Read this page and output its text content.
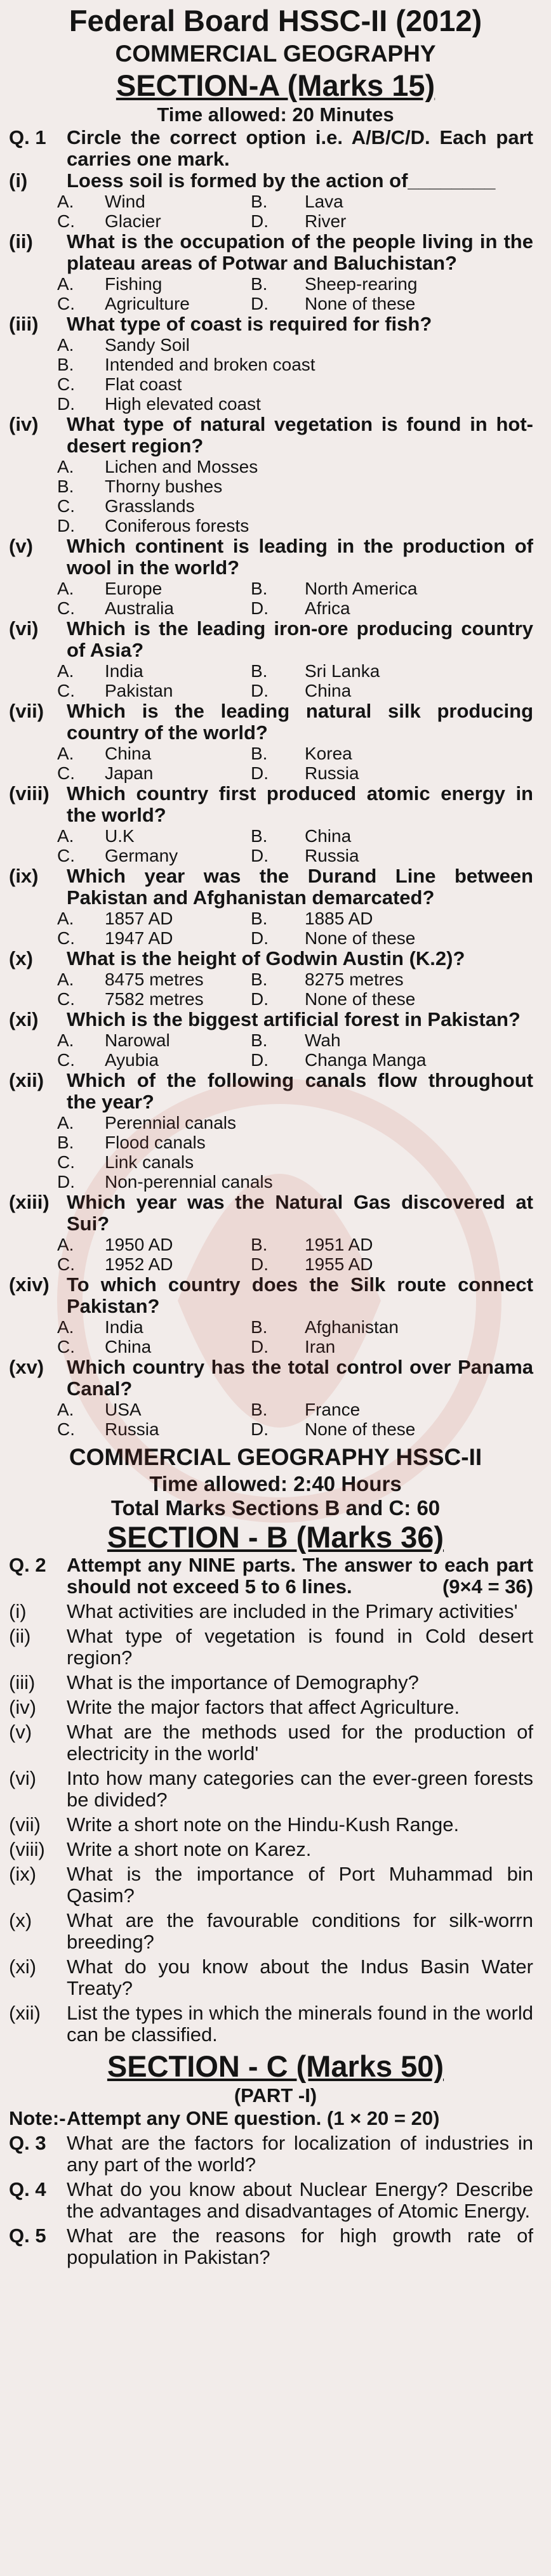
Federal Board HSSC-II (2012)
COMMERCIAL GEOGRAPHY
SECTION-A (Marks 15)
Time allowed: 20 Minutes
Q. 1	Circle the correct option i.e. A/B/C/D. Each part carries one mark.
(i)	Loess soil is formed by the action of________
A.	Wind	B.	Lava
C.	Glacier	D.	River
(ii)	What is the occupation of the people living in the plateau areas of Potwar and Baluchistan?
A.	Fishing	B.	Sheep-rearing
C.	Agriculture	D.	None of these
(iii)	What type of coast is required for fish?
A.	Sandy Soil
B.	Intended and broken coast
C.	Flat coast
D.	High elevated coast
(iv)	What type of natural vegetation is found in hot-desert region?
A.	Lichen and Mosses
B.	Thorny bushes
C.	Grasslands
D.	Coniferous forests
(v)	Which continent is leading in the production of wool in the world?
A.	Europe	B.	North America
C.	Australia	D.	Africa
(vi)	Which is the leading iron-ore producing country of Asia?
A.	India	B.	Sri Lanka
C.	Pakistan	D.	China
(vii)	Which is the leading natural silk producing country of the world?
A.	China	B.	Korea
C.	Japan	D.	Russia
(viii) Which country first produced atomic energy in the world?
A.	U.K	B.	China
C.	Germany	D.	Russia
(ix)	Which year was the Durand Line between Pakistan and Afghanistan demarcated?
A.	1857 AD	B.	1885 AD
C.	1947 AD	D.	None of these
(x)	What is the height of Godwin Austin (K.2)?
A.	8475 metres	B.	8275 metres
C.	7582 metres	D.	None of these
(xi)	Which is the biggest artificial forest in Pakistan?
A.	Narowal	B.	Wah
C.	Ayubia	D.	Changa Manga
(xii)	Which of the following canals flow throughout the year?
A.	Perennial canals
B.	Flood canals
C.	Link canals
D.	Non-perennial canals
(xiii) Which year was the Natural Gas discovered at Sui?
A.	1950 AD	B.	1951 AD
C.	1952 AD	D.	1955 AD
(xiv) To which country does the Silk route connect Pakistan?
A.	India	B.	Afghanistan
C.	China	D.	Iran
(xv)	Which country has the total control over Panama Canal?
A.	USA	B.	France
C.	Russia	D.	None of these
COMMERCIAL GEOGRAPHY HSSC-II
Time allowed: 2:40 Hours
Total Marks Sections B and C: 60
SECTION - B (Marks 36)
Q. 2	Attempt any NINE parts. The answer to each part should not exceed 5 to 6 lines.	(9×4 = 36)
(i)	What activities are included in the Primary activities'
(ii)	What type of vegetation is found in Cold desert region?
(iii)	What is the importance of Demography?
(iv)	Write the major factors that affect Agriculture.
(v)	What are the methods used for the production of electricity in the world'
(vi)	Into how many categories can the ever-green forests be divided?
(vii)	Write a short note on the Hindu-Kush Range.
(viii)	Write a short note on Karez.
(ix)	What is the importance of Port Muhammad bin Qasim?
(x)	What are the favourable conditions for silk-worrn breeding?
(xi)	What do you know about the Indus Basin Water Treaty?
(xii)	List the types in which the minerals found in the world can be classified.
SECTION - C (Marks 50)
(PART -I)
Note:- Attempt any ONE question. (1 × 20 = 20)
Q. 3	What are the factors for localization of industries in any part of the world?
Q. 4	What do you know about Nuclear Energy? Describe the advantages and disadvantages of Atomic Energy.
Q. 5	What are the reasons for high growth rate of population in Pakistan?
